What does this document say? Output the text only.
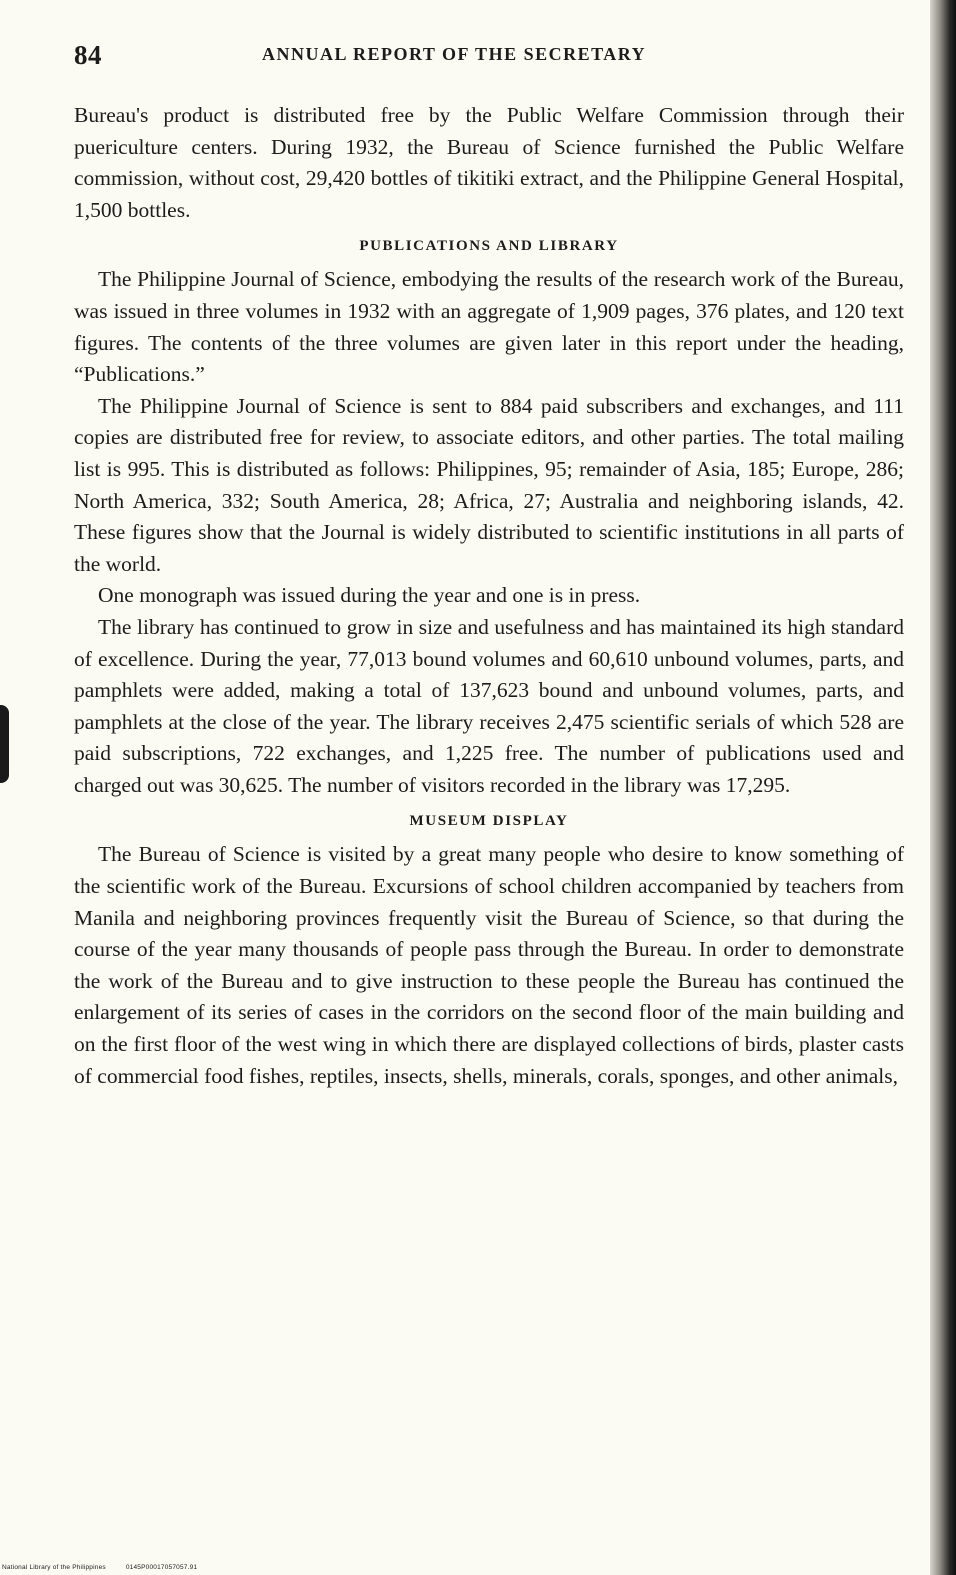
84	ANNUAL REPORT OF THE SECRETARY

Bureau's product is distributed free by the Public Welfare Commission through their puericulture centers. During 1932, the Bureau of Science furnished the Public Welfare commission, without cost, 29,420 bottles of tikitiki extract, and the Philippine General Hospital, 1,500 bottles.

PUBLICATIONS AND LIBRARY

The Philippine Journal of Science, embodying the results of the research work of the Bureau, was issued in three volumes in 1932 with an aggregate of 1,909 pages, 376 plates, and 120 text figures. The contents of the three volumes are given later in this report under the heading, “Publications.”

The Philippine Journal of Science is sent to 884 paid subscribers and exchanges, and 111 copies are distributed free for review, to associate editors, and other parties. The total mailing list is 995. This is distributed as follows: Philippines, 95; remainder of Asia, 185; Europe, 286; North America, 332; South America, 28; Africa, 27; Australia and neighboring islands, 42. These figures show that the Journal is widely distributed to scientific institutions in all parts of the world.

One monograph was issued during the year and one is in press.

The library has continued to grow in size and usefulness and has maintained its high standard of excellence. During the year, 77,013 bound volumes and 60,610 unbound volumes, parts, and pamphlets were added, making a total of 137,623 bound and unbound volumes, parts, and pamphlets at the close of the year. The library receives 2,475 scientific serials of which 528 are paid subscriptions, 722 exchanges, and 1,225 free. The number of publications used and charged out was 30,625. The number of visitors recorded in the library was 17,295.

MUSEUM DISPLAY

The Bureau of Science is visited by a great many people who desire to know something of the scientific work of the Bureau. Excursions of school children accompanied by teachers from Manila and neighboring provinces frequently visit the Bureau of Science, so that during the course of the year many thousands of people pass through the Bureau. In order to demonstrate the work of the Bureau and to give instruction to these people the Bureau has continued the enlargement of its series of cases in the corridors on the second floor of the main building and on the first floor of the west wing in which there are displayed collections of birds, plaster casts of commercial food fishes, reptiles, insects, shells, minerals, corals, sponges, and other animals,

National Library of the Philippines	0145P00017057057.91
